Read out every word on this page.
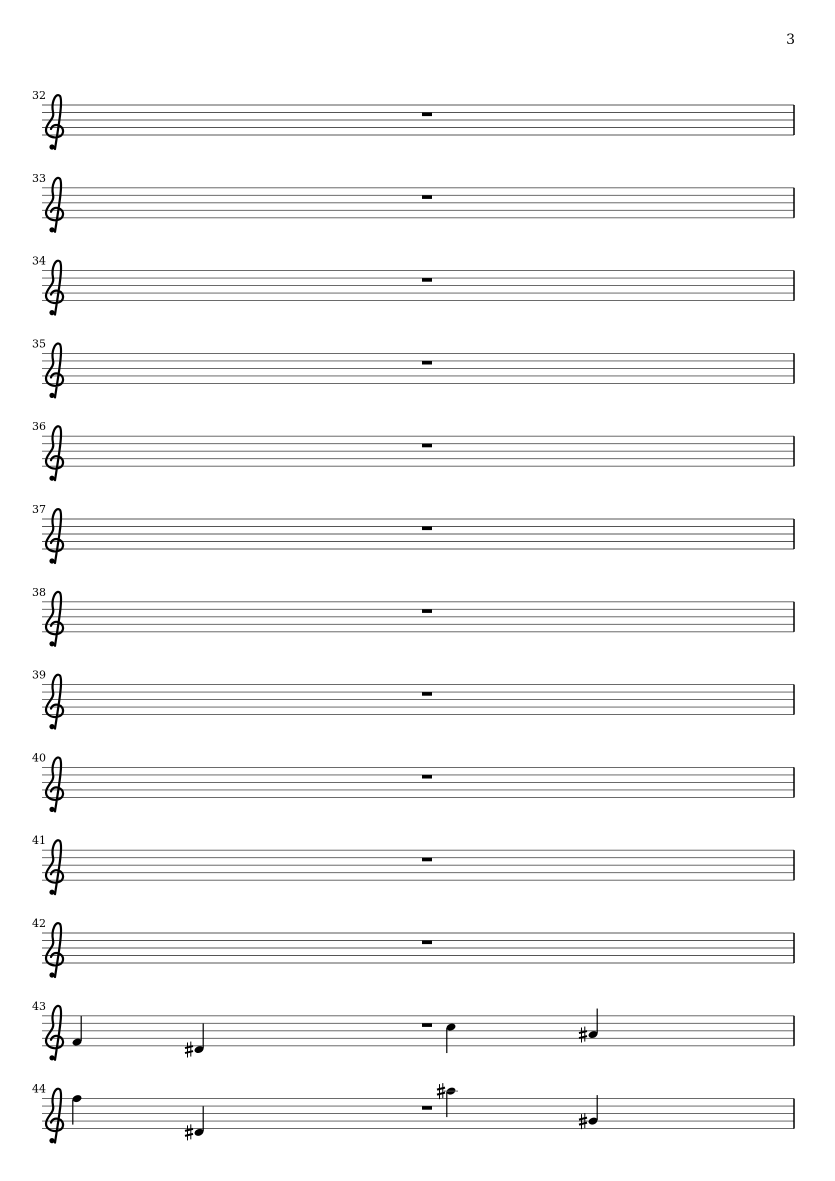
3
32
33
34
35
36
37
38
39
40
41
42
43
44
